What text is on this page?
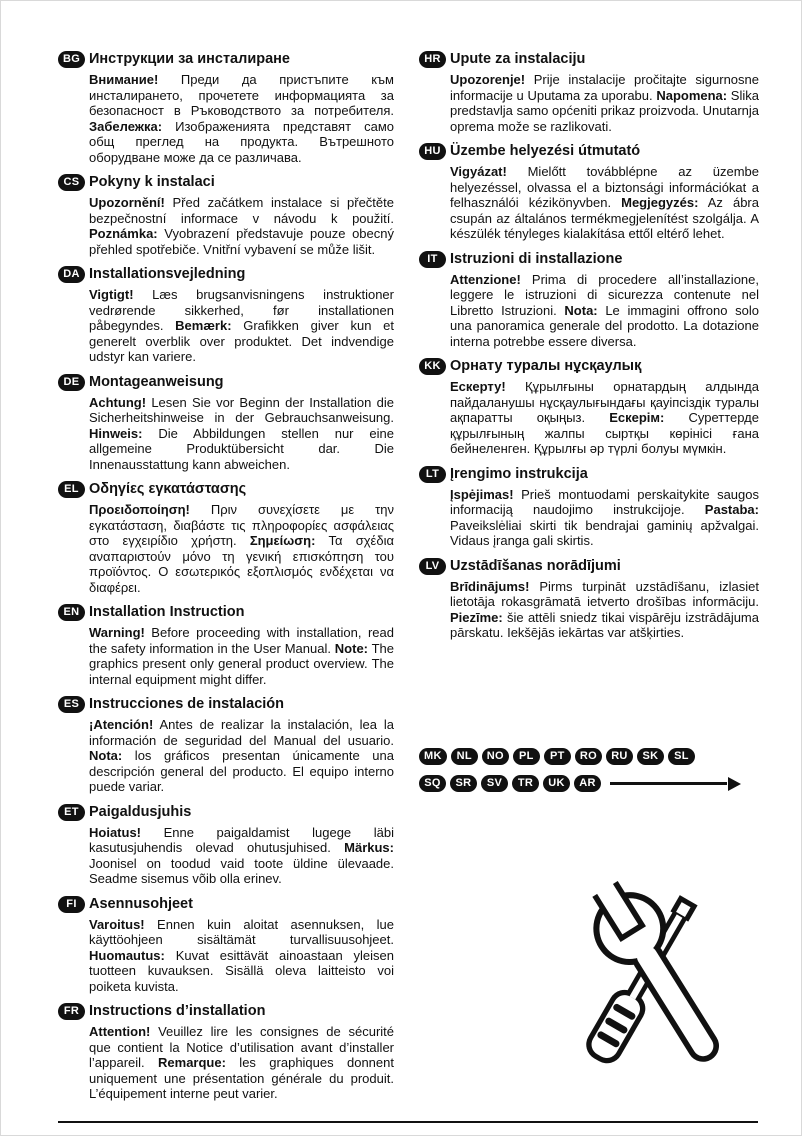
BG Инструкции за инсталиране

Внимание! Преди да пристъпите към инсталирането, прочетете информацията за безопасност в Ръководството за потребителя. Забележка: Изображенията представят само общ преглед на продукта. Вътрешното оборудване може да се различава.

CS Pokyny k instalaci

Upozornění! Před začátkem instalace si přečtěte bezpečnostní informace v návodu k použití. Poznámka: Vyobrazení představuje pouze obecný přehled spotřebiče. Vnitřní vybavení se může lišit.

DA Installationsvejledning

Vigtigt! Læs brugsanvisningens instruktioner vedrørende sikkerhed, før installationen påbegyndes. Bemærk: Grafikken giver kun et generelt overblik over produktet. Det indvendige udstyr kan variere.

DE Montageanweisung

Achtung! Lesen Sie vor Beginn der Installation die Sicherheitshinweise in der Gebrauchsanweisung. Hinweis: Die Abbildungen stellen nur eine allgemeine Produktübersicht dar. Die Innenausstattung kann abweichen.

EL Οδηγίες εγκατάστασης

Προειδοποίηση! Πριν συνεχίσετε με την εγκατάσταση, διαβάστε τις πληροφορίες ασφάλειας στο εγχειρίδιο χρήστη. Σημείωση: Τα σχέδια αναπαριστούν μόνο τη γενική επισκόπηση του προϊόντος. Ο εσωτερικός εξοπλισμός ενδέχεται να διαφέρει.

EN Installation Instruction

Warning! Before proceeding with installation, read the safety information in the User Manual. Note: The graphics present only general product overview. The internal equipment might differ.

ES Instrucciones de instalación

¡Atención! Antes de realizar la instalación, lea la información de seguridad del Manual del usuario. Nota: los gráficos presentan únicamente una descripción general del producto. El equipo interno puede variar.

ET Paigaldusjuhis

Hoiatus! Enne paigaldamist lugege läbi kasutusjuhendis olevad ohutusjuhised. Märkus: Joonisel on toodud vaid toote üldine ülevaade. Seadme sisemus võib olla erinev.

FI Asennusohjeet

Varoitus! Ennen kuin aloitat asennuksen, lue käyttöohjeen sisältämät turvallisuusohjeet. Huomautus: Kuvat esittävät ainoastaan yleisen tuotteen kuvauksen. Sisällä oleva laitteisto voi poiketa kuvista.

FR Instructions d’installation

Attention! Veuillez lire les consignes de sécurité que contient la Notice d’utilisation avant d’installer l’appareil. Remarque: les graphiques donnent uniquement une présentation générale du produit. L’équipement interne peut varier.

HR Upute za instalaciju

Upozorenje! Prije instalacije pročitajte sigurnosne informacije u Uputama za uporabu. Napomena: Slika predstavlja samo općeniti prikaz proizvoda. Unutarnja oprema može se razlikovati.

HU Üzembe helyezési útmutató

Vigyázat! Mielőtt továbblépne az üzembe helyezéssel, olvassa el a biztonsági információkat a felhasználói kézikönyvben. Megjegyzés: Az ábra csupán az általános termékmegjelenítést szolgálja. A készülék tényleges kialakítása ettől eltérő lehet.

IT Istruzioni di installazione

Attenzione! Prima di procedere all’installazione, leggere le istruzioni di sicurezza contenute nel Libretto Istruzioni. Nota: Le immagini offrono solo una panoramica generale del prodotto. La dotazione interna potrebbe essere diversa.

KK Орнату туралы нұсқаулық

Ескерту! Құрылғыны орнатардың алдында пайдаланушы нұсқаулығындағы қауіпсіздік туралы ақпаратты оқыңыз. Ескерім: Суреттерде құрылғының жалпы сыртқы көрінісі ғана бейнеленген. Құрылғы әр түрлі болуы мүмкін.

LT Įrengimo instrukcija

Įspėjimas! Prieš montuodami perskaitykite saugos informaciją naudojimo instrukcijoje. Pastaba: Paveikslėliai skirti tik bendrajai gaminių apžvalgai. Vidaus įranga gali skirtis.

LV Uzstādīšanas norādījumi

Brīdinājums! Pirms turpināt uzstādīšanu, izlasiet lietotāja rokasgrāmatā ietverto drošības informāciju. Piezīme: šie attēli sniedz tikai vispārēju izstrādājuma pārskatu. Iekšējās iekārtas var atšķirties.

MK	NL	NO	PL	PT	RO	RU	SK	SL
SQ	SR	SV	TR	UK	AR
